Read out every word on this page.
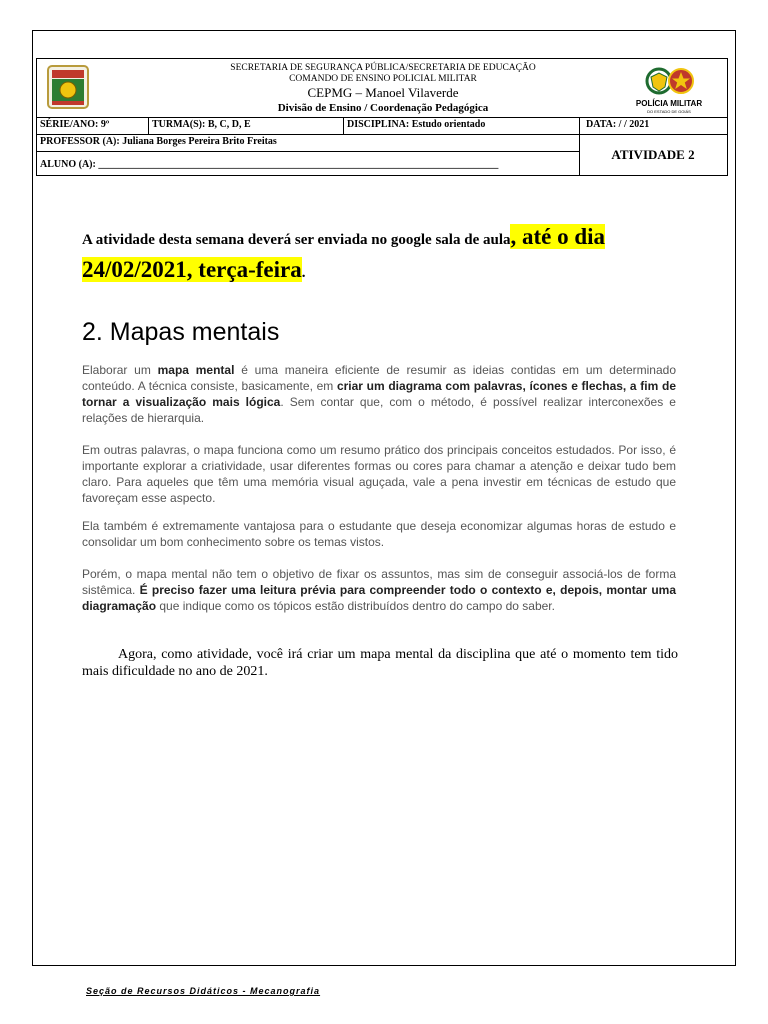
SECRETARIA DE SEGURANÇA PÚBLICA/SECRETARIA DE EDUCAÇÃO
COMANDO DE ENSINO POLICIAL MILITAR
CEPMG – Manoel Vilaverde
Divisão de Ensino / Coordenação Pedagógica	POLÍCIA MILITAR
DO ESTADO DE GOIÁS
SÉRIE/ANO: 9º	TURMA(S): B, C, D, E	DISCIPLINA: Estudo orientado	DATA: / / 2021
PROFESSOR (A): Juliana Borges Pereira Brito Freitas
ALUNO (A): ________________________________________________________________________________
ATIVIDADE 2
A atividade desta semana deverá ser enviada no google sala de aula, até o dia 24/02/2021, terça-feira.
2. Mapas mentais
Elaborar um mapa mental é uma maneira eficiente de resumir as ideias contidas em um determinado conteúdo. A técnica consiste, basicamente, em criar um diagrama com palavras, ícones e flechas, a fim de tornar a visualização mais lógica. Sem contar que, com o método, é possível realizar interconexões e relações de hierarquia.
Em outras palavras, o mapa funciona como um resumo prático dos principais conceitos estudados. Por isso, é importante explorar a criatividade, usar diferentes formas ou cores para chamar a atenção e deixar tudo bem claro. Para aqueles que têm uma memória visual aguçada, vale a pena investir em técnicas de estudo que favoreçam esse aspecto.
Ela também é extremamente vantajosa para o estudante que deseja economizar algumas horas de estudo e consolidar um bom conhecimento sobre os temas vistos.
Porém, o mapa mental não tem o objetivo de fixar os assuntos, mas sim de conseguir associá-los de forma sistêmica. É preciso fazer uma leitura prévia para compreender todo o contexto e, depois, montar uma diagramação que indique como os tópicos estão distribuídos dentro do campo do saber.
Agora, como atividade, você irá criar um mapa mental da disciplina que até o momento tem tido mais dificuldade no ano de 2021.
Seção de Recursos Didáticos - Mecanografia
